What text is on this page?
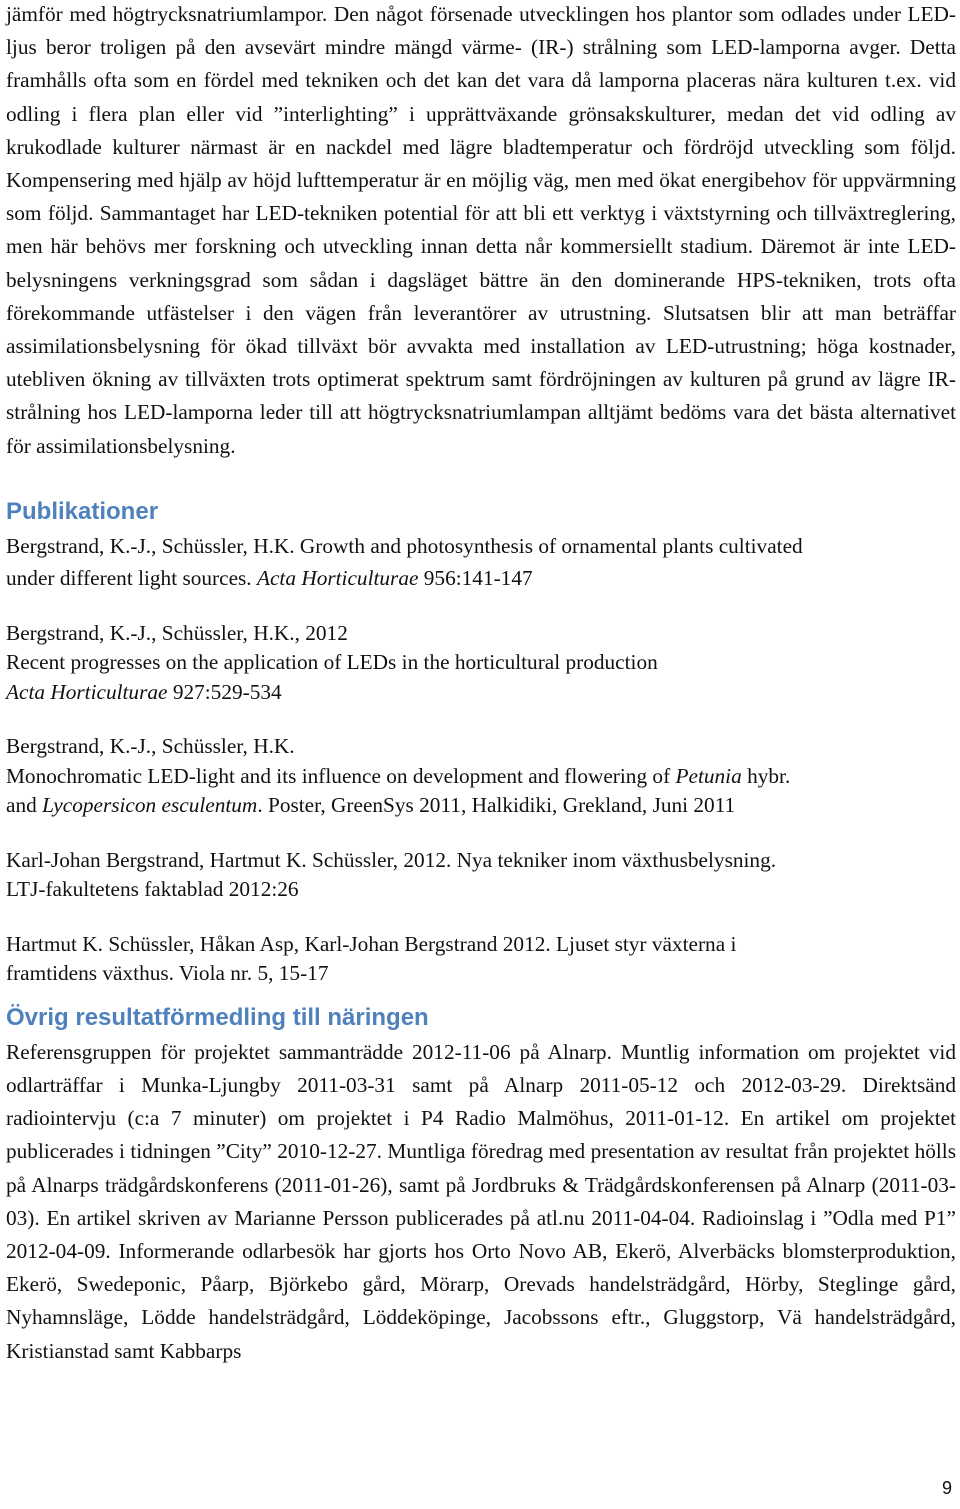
jämför med högtrycksnatriumlampor. Den något försenade utvecklingen hos plantor som odlades under LED-ljus beror troligen på den avsevärt mindre mängd värme- (IR-) strålning som LED-lamporna avger. Detta framhålls ofta som en fördel med tekniken och det kan det vara då lamporna placeras nära kulturen t.ex. vid odling i flera plan eller vid ”interlighting” i upprättväxande grönsakskulturer, medan det vid odling av krukodlade kulturer närmast är en nackdel med lägre bladtemperatur och fördröjd utveckling som följd. Kompensering med hjälp av höjd lufttemperatur är en möjlig väg, men med ökat energibehov för uppvärmning som följd. Sammantaget har LED-tekniken potential för att bli ett verktyg i växtstyrning och tillväxtreglering, men här behövs mer forskning och utveckling innan detta når kommersiellt stadium. Däremot är inte LED-belysningens verkningsgrad som sådan i dagsläget bättre än den dominerande HPS-tekniken, trots ofta förekommande utfästelser i den vägen från leverantörer av utrustning. Slutsatsen blir att man beträffar assimilationsbelysning för ökad tillväxt bör avvakta med installation av LED-utrustning; höga kostnader, utebliven ökning av tillväxten trots optimerat spektrum samt fördröjningen av kulturen på grund av lägre IR-strålning hos LED-lamporna leder till att högtrycksnatriumlampan alltjämt bedöms vara det bästa alternativet för assimilationsbelysning.

Publikationer
Bergstrand, K.-J., Schüssler, H.K. Growth and photosynthesis of ornamental plants cultivated
under different light sources. Acta Horticulturae 956:141-147
Bergstrand, K.-J., Schüssler, H.K., 2012
Recent progresses on the application of LEDs in the horticultural production
Acta Horticulturae 927:529-534
Bergstrand, K.-J., Schüssler, H.K.
Monochromatic LED-light and its influence on development and flowering of Petunia hybr.
and Lycopersicon esculentum. Poster, GreenSys 2011, Halkidiki, Grekland, Juni 2011
Karl-Johan Bergstrand, Hartmut K. Schüssler, 2012. Nya tekniker inom växthusbelysning.
LTJ-fakultetens faktablad 2012:26
Hartmut K. Schüssler, Håkan Asp, Karl-Johan Bergstrand 2012. Ljuset styr växterna i
framtidens växthus. Viola nr. 5, 15-17
Övrig resultatförmedling till näringen

Referensgruppen för projektet sammanträdde 2012-11-06 på Alnarp. Muntlig information om projektet vid odlarträffar i Munka-Ljungby 2011-03-31 samt på Alnarp 2011-05-12 och 2012-03-29. Direktsänd radiointervju (c:a 7 minuter) om projektet i P4 Radio Malmöhus, 2011-01-12. En artikel om projektet publicerades i tidningen ”City” 2010-12-27. Muntliga föredrag med presentation av resultat från projektet hölls på Alnarps trädgårdskonferens (2011-01-26), samt på Jordbruks & Trädgårdskonferensen på Alnarp (2011-03-03). En artikel skriven av Marianne Persson publicerades på atl.nu 2011-04-04. Radioinslag i ”Odla med P1” 2012-04-09. Informerande odlarbesök har gjorts hos Orto Novo AB, Ekerö, Alverbäcks blomsterproduktion, Ekerö, Swedeponic, Påarp, Björkebo gård, Mörarp, Orevads handelsträdgård, Hörby, Steglinge gård, Nyhamnsläge, Lödde handelsträdgård, Löddeköpinge, Jacobssons eftr., Gluggstorp, Vä handelsträdgård, Kristianstad samt Kabbarps

9
